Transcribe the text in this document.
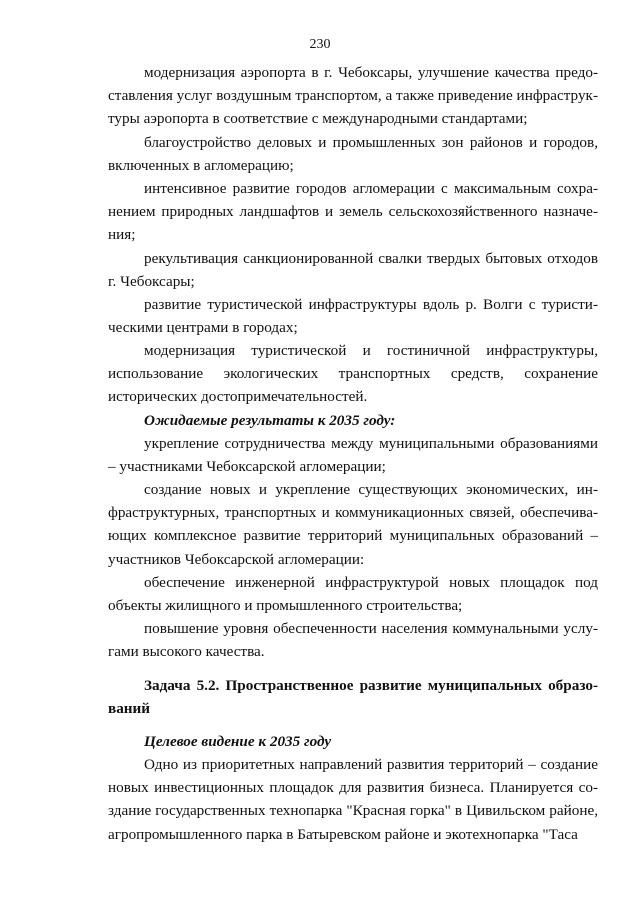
230

модернизация аэропорта в г. Чебоксары, улучшение качества предоставления услуг воздушным транспортом, а также приведение инфраструктуры аэропорта в соответствие с международными стандартами;

благоустройство деловых и промышленных зон районов и городов, включенных в агломерацию;

интенсивное развитие городов агломерации с максимальным сохранением природных ландшафтов и земель сельскохозяйственного назначения;

рекультивация санкционированной свалки твердых бытовых отходов г. Чебоксары;

развитие туристической инфраструктуры вдоль р. Волги с туристическими центрами в городах;

модернизация туристической и гостиничной инфраструктуры, использование экологических транспортных средств, сохранение исторических достопримечательностей.

Ожидаемые результаты к 2035 году:

укрепление сотрудничества между муниципальными образованиями – участниками Чебоксарской агломерации;

создание новых и укрепление существующих экономических, инфраструктурных, транспортных и коммуникационных связей, обеспечивающих комплексное развитие территорий муниципальных образований – участников Чебоксарской агломерации:

обеспечение инженерной инфраструктурой новых площадок под объекты жилищного и промышленного строительства;

повышение уровня обеспеченности населения коммунальными услугами высокого качества.

Задача 5.2. Пространственное развитие муниципальных образований

Целевое видение к 2035 году

Одно из приоритетных направлений развития территорий – создание новых инвестиционных площадок для развития бизнеса. Планируется создание государственных технопарка "Красная горка" в Цивильском районе, агропромышленного парка в Батыревском районе и экотехнопарка "Таса
